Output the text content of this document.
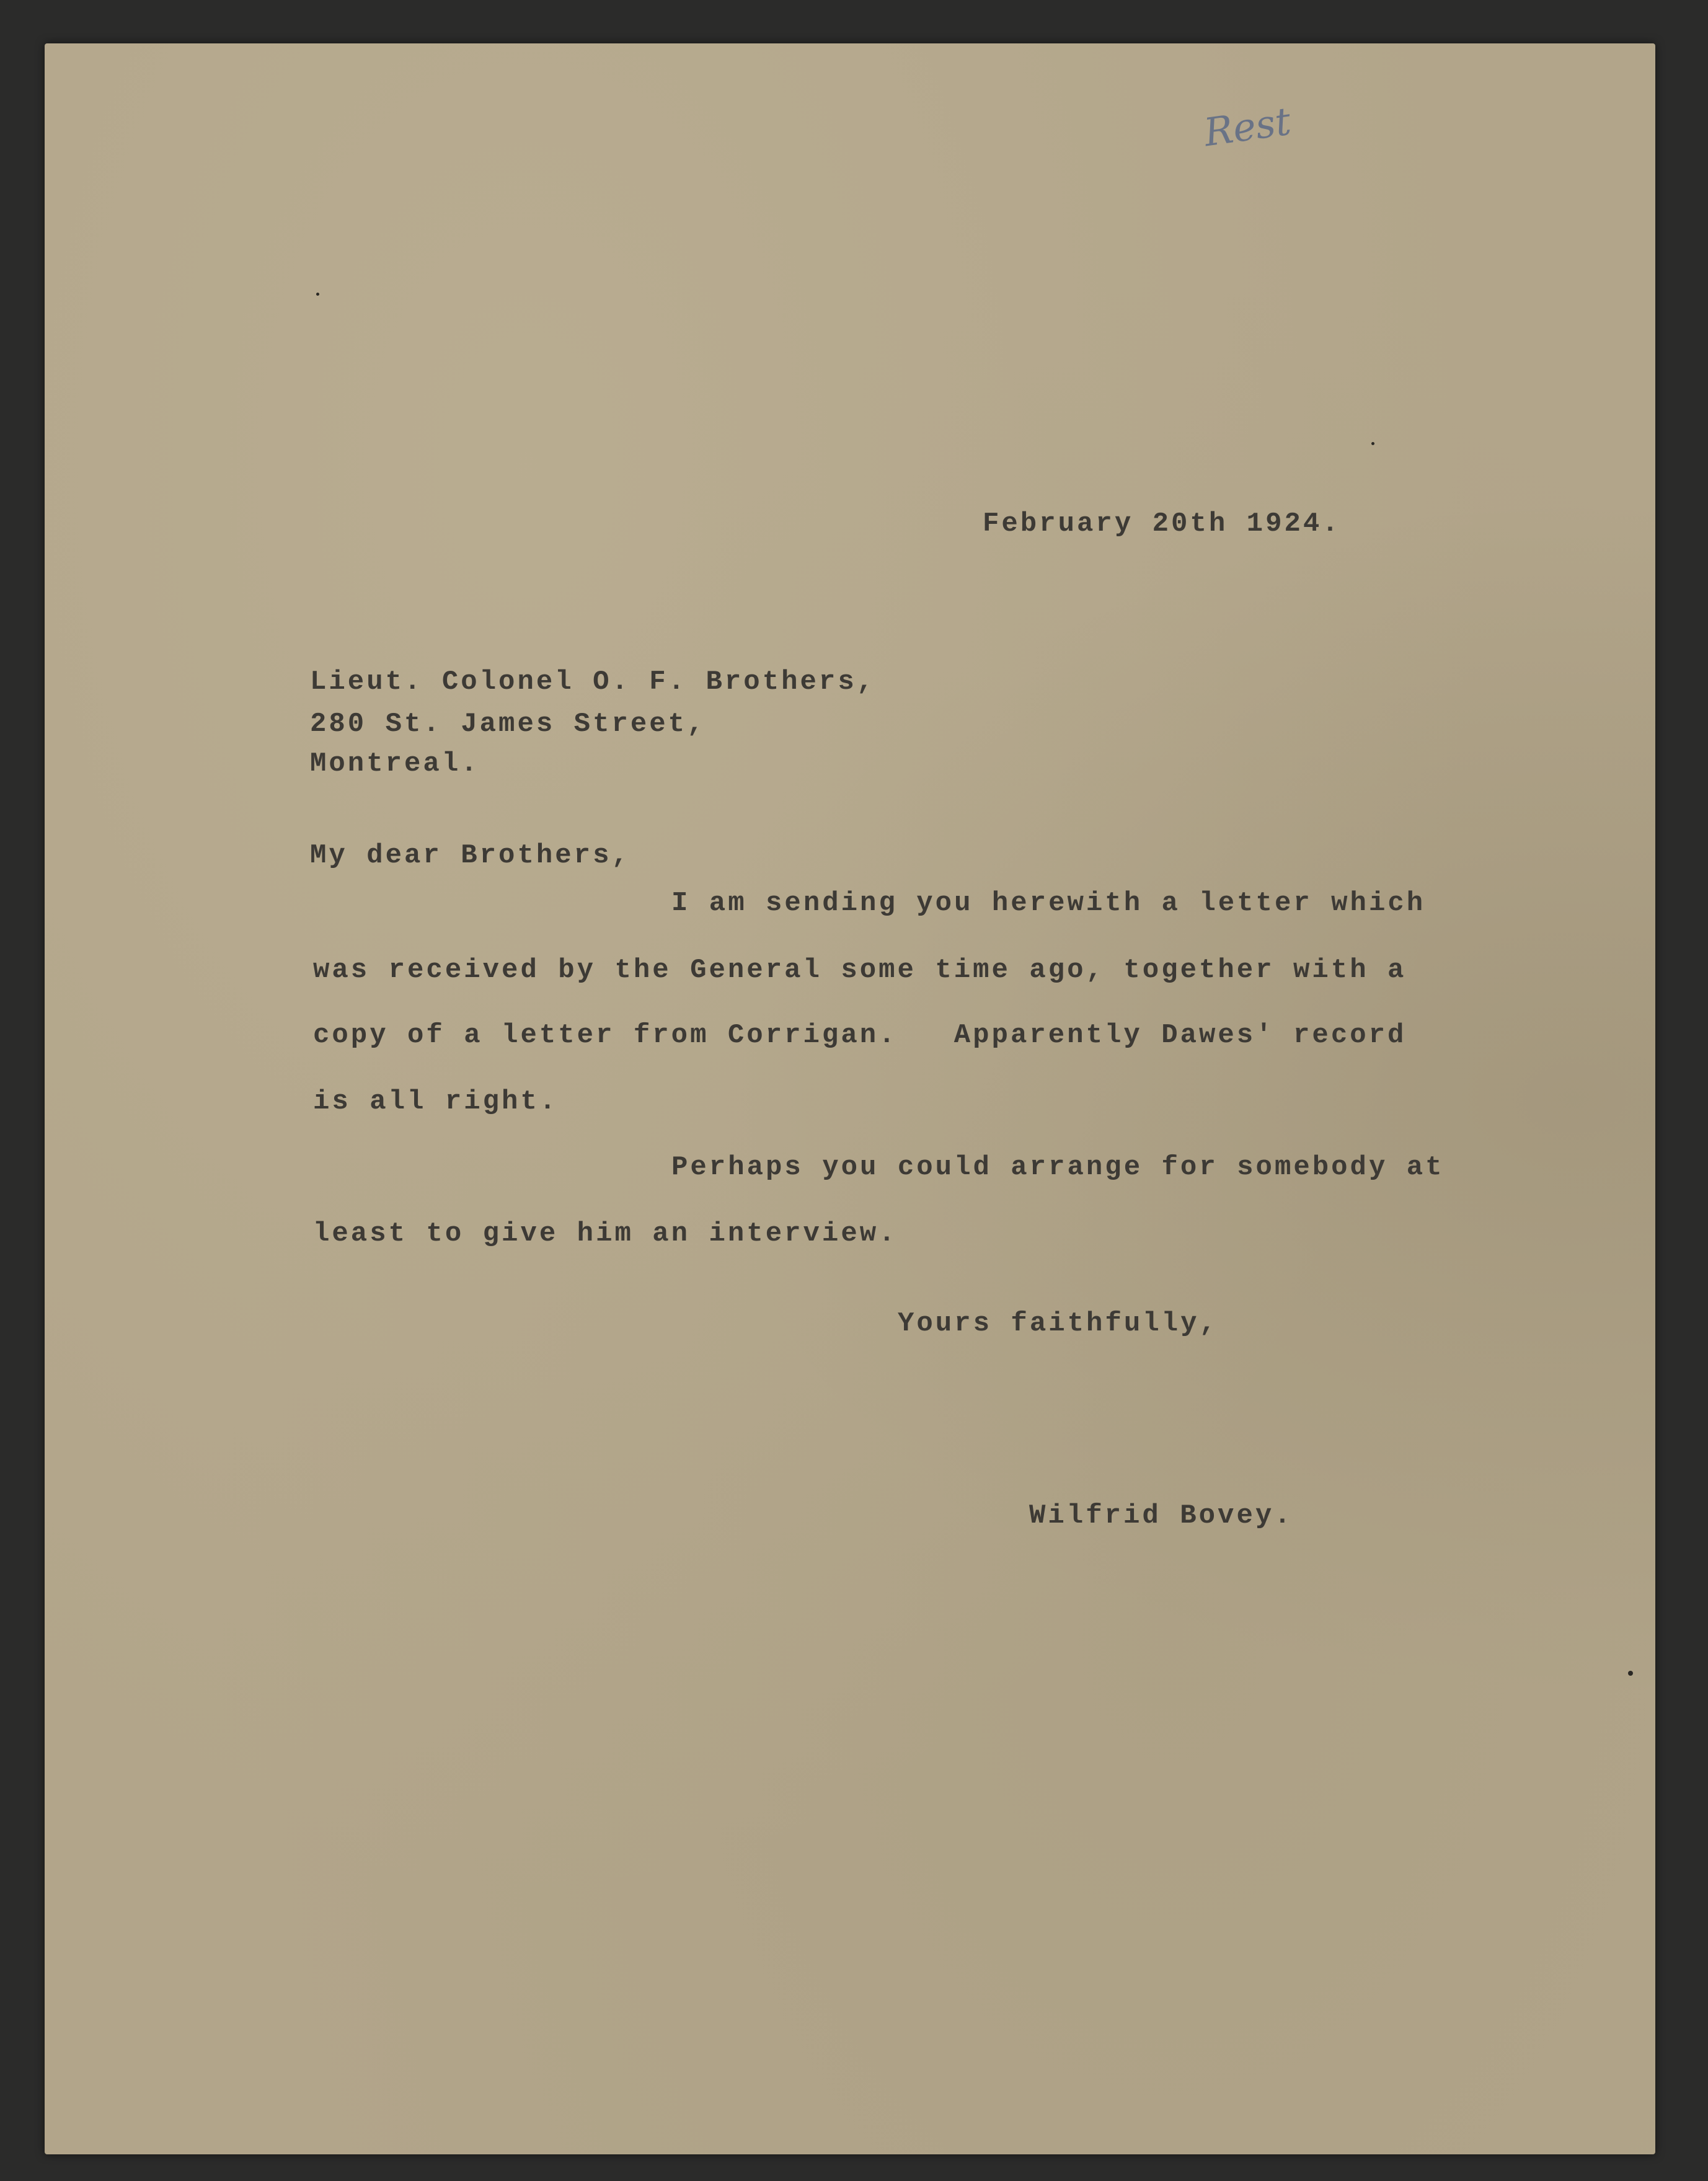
Rest

February 20th 1924.

Lieut. Colonel O. F. Brothers,

280 St. James Street,

Montreal.

My dear Brothers,

I am sending you herewith a letter which

was received by the General some time ago, together with a

copy of a letter from Corrigan.   Apparently Dawes' record

is all right.

Perhaps you could arrange for somebody at

least to give him an interview.

Yours faithfully,

Wilfrid Bovey.
